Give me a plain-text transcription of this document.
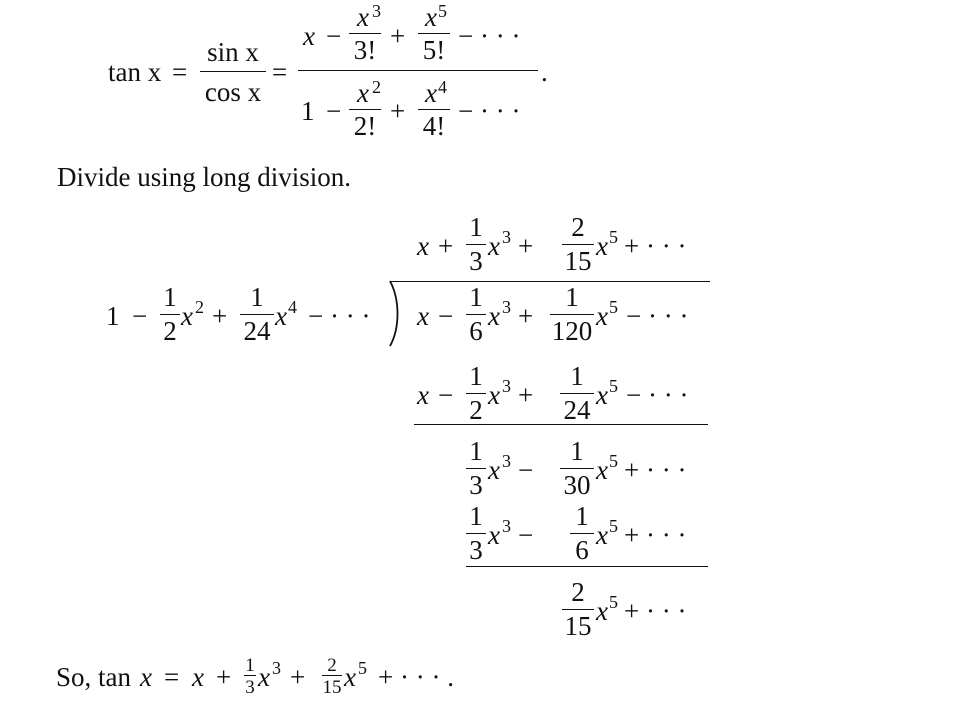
tan x =
sin x
cos x
=
x −
x 3
3! +
x 5
5! − · · ·
.
1 −
x 2
2! +
x 4
4! − · · ·
Divide using long division.
x +
1
3 x 3 +
2
15 x 5 + · · ·
1 −
1
2 x 2 +
1
24 x 4 − · · · x −
1
6 x 3 +
1
120 x 5 − · · ·
x −
1
2 x 3 +
1
24 x 5 − · · ·
1
3 x 3 −
1
30 x 5 + · · ·
1
3 x 3 −
1
6 x 5 + · · ·
2
15 x 5 + · · ·
So, tan x = x + 1
3 x 3 + 2
15 x 5 + · · · .
